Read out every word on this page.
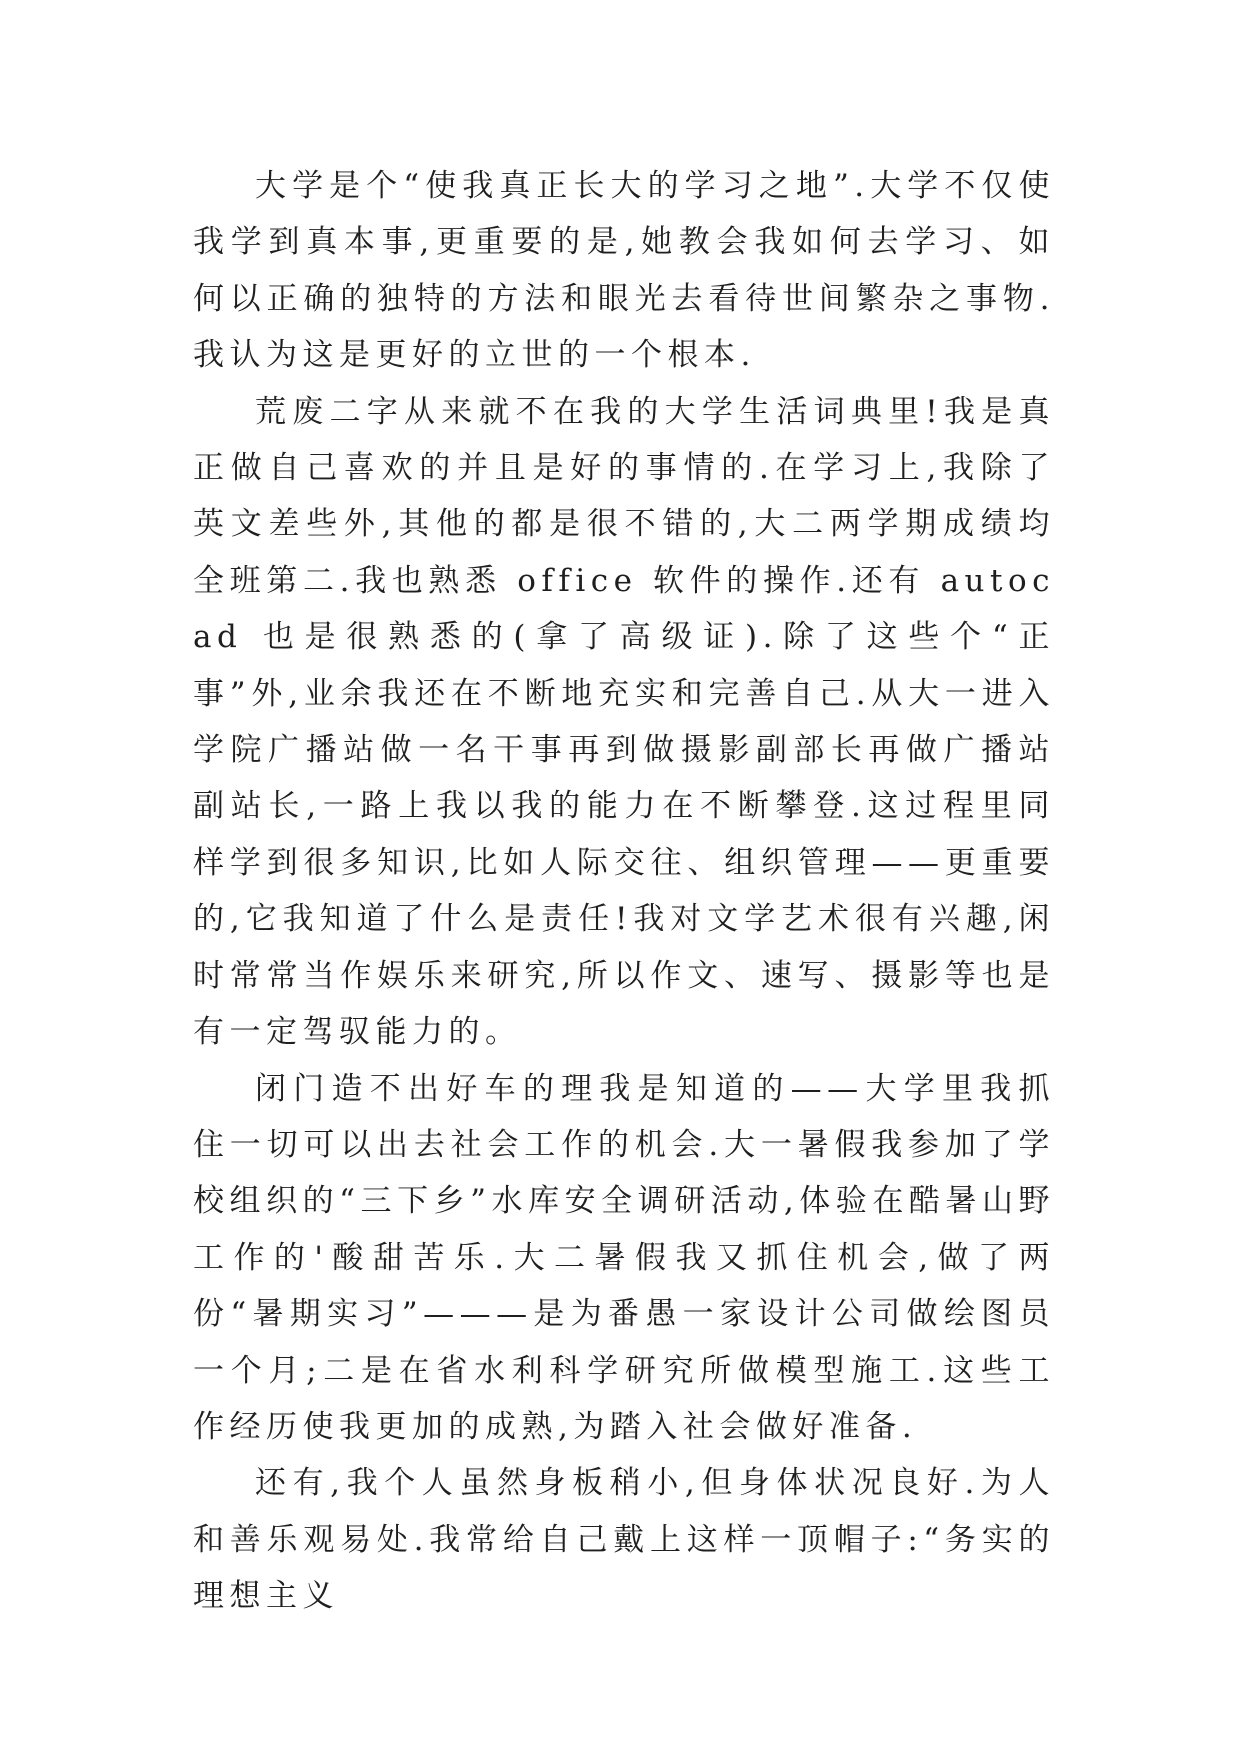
大学是个“使我真正长大的学习之地”.大学不仅使我学到真本事,更重要的是,她教会我如何去学习、如何以正确的独特的方法和眼光去看待世间繁杂之事物.我认为这是更好的立世的一个根本.

荒废二字从来就不在我的大学生活词典里!我是真正做自己喜欢的并且是好的事情的.在学习上,我除了英文差些外,其他的都是很不错的,大二两学期成绩均全班第二.我也熟悉 office 软件的操作.还有 autocad 也是很熟悉的(拿了高级证).除了这些个“正事”外,业余我还在不断地充实和完善自己.从大一进入学院广播站做一名干事再到做摄影副部长再做广播站副站长,一路上我以我的能力在不断攀登.这过程里同样学到很多知识,比如人际交往、组织管理——更重要的,它我知道了什么是责任!我对文学艺术很有兴趣,闲时常常当作娱乐来研究,所以作文、速写、摄影等也是有一定驾驭能力的。

闭门造不出好车的理我是知道的——大学里我抓住一切可以出去社会工作的机会.大一暑假我参加了学校组织的“三下乡”水库安全调研活动,体验在酷暑山野工作的'酸甜苦乐.大二暑假我又抓住机会,做了两份“暑期实习”———是为番愚一家设计公司做绘图员一个月;二是在省水利科学研究所做模型施工.这些工作经历使我更加的成熟,为踏入社会做好准备.

还有,我个人虽然身板稍小,但身体状况良好.为人和善乐观易处.我常给自己戴上这样一顶帽子:“务实的理想主义
